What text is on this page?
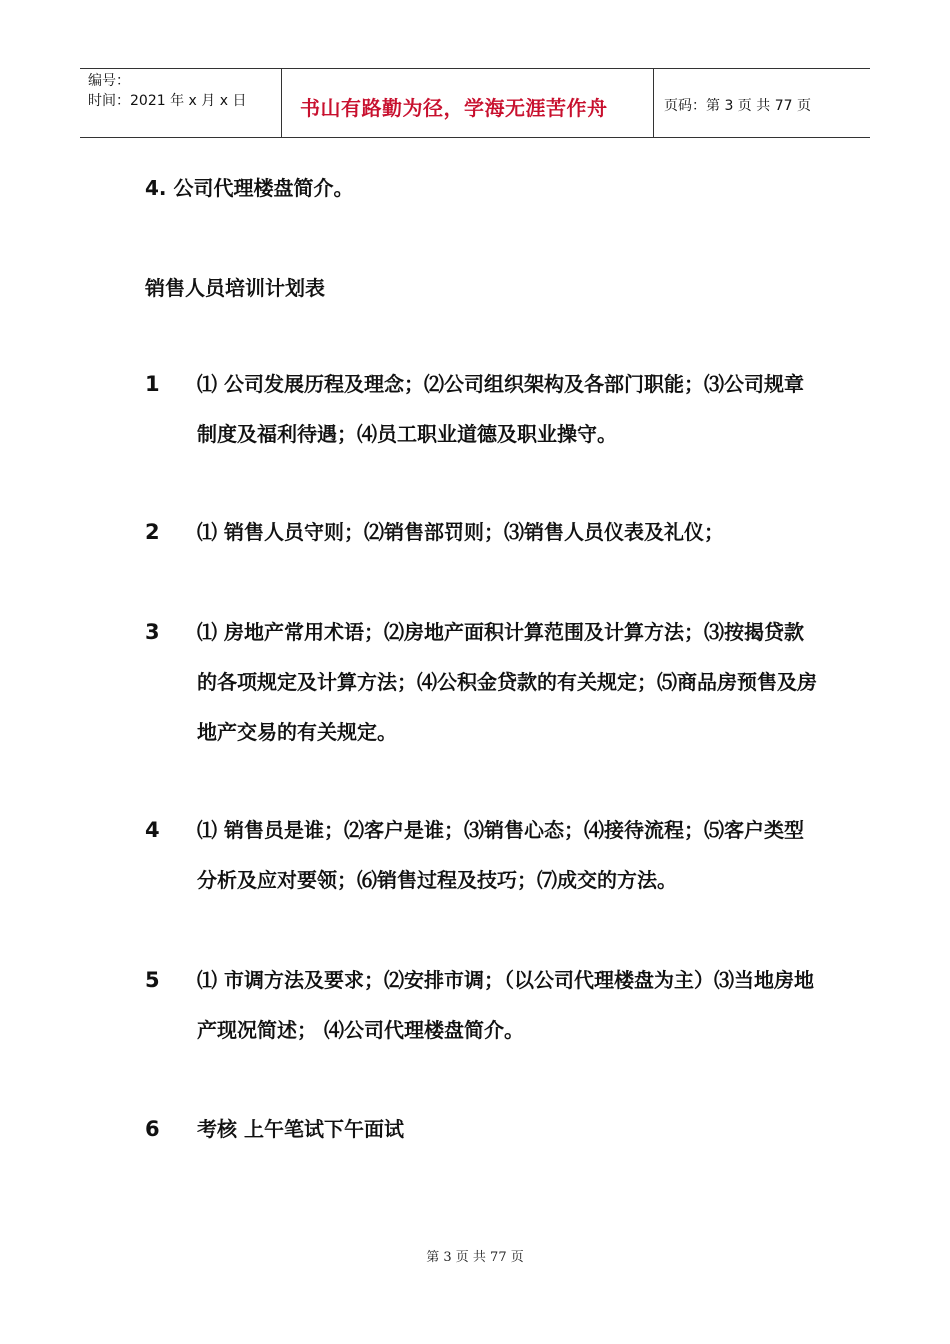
编号：
时间：2021 年 x 月 x 日	书山有路勤为径，学海无涯苦作舟	页码：第 3 页 共 77 页
4. 公司代理楼盘简介。
销售人员培训计划表
1 ⑴ 公司发展历程及理念；⑵公司组织架构及各部门职能；⑶公司规章制度及福利待遇；⑷员工职业道德及职业操守。
2 ⑴ 销售人员守则；⑵销售部罚则；⑶销售人员仪表及礼仪；
3 ⑴ 房地产常用术语；⑵房地产面积计算范围及计算方法；⑶按揭贷款的各项规定及计算方法；⑷公积金贷款的有关规定；⑸商品房预售及房地产交易的有关规定。
4 ⑴ 销售员是谁；⑵客户是谁；⑶销售心态；⑷接待流程；⑸客户类型分析及应对要领；⑹销售过程及技巧；⑺成交的方法。
5 ⑴ 市调方法及要求；⑵安排市调；（以公司代理楼盘为主）⑶当地房地产现况简述； ⑷公司代理楼盘简介。
6 考核 上午笔试下午面试
第 3 页 共 77 页
